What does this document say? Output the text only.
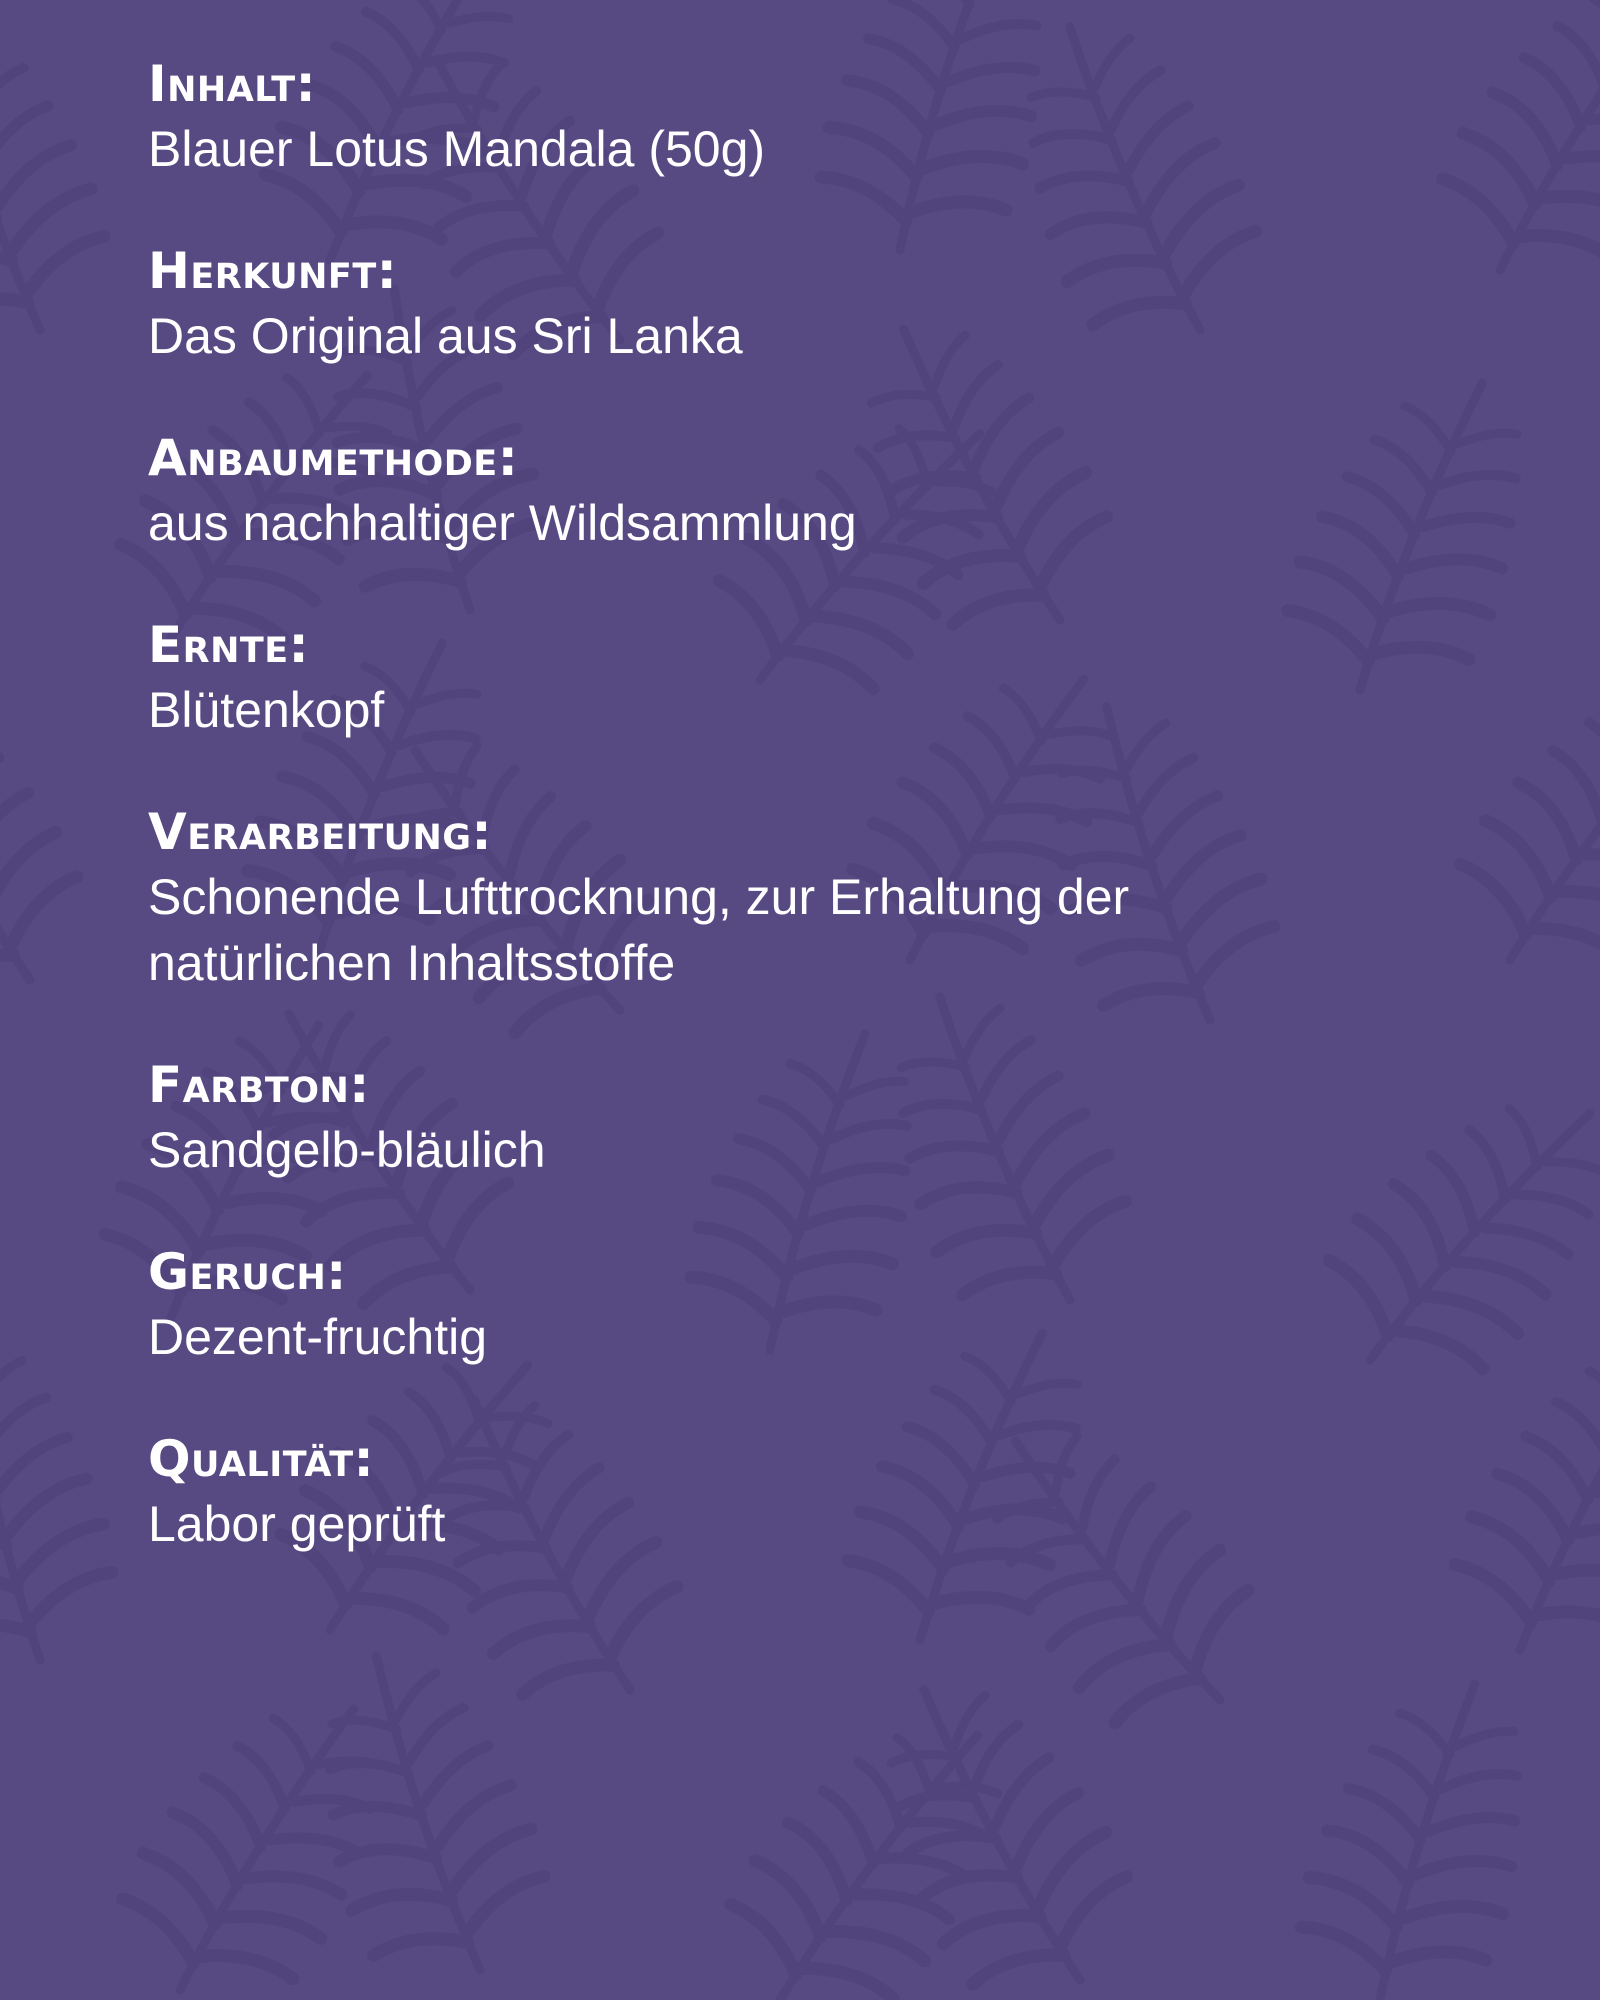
Inhalt:
Blauer Lotus Mandala (50g)
Herkunft:
Das Original aus Sri Lanka
Anbaumethode:
aus nachhaltiger Wildsammlung
Ernte:
Blütenkopf
Verarbeitung:
Schonende Lufttrocknung, zur Erhaltung der
natürlichen Inhaltsstoffe
Farbton:
Sandgelb-bläulich
Geruch:
Dezent-fruchtig
Qualität:
Labor geprüft
